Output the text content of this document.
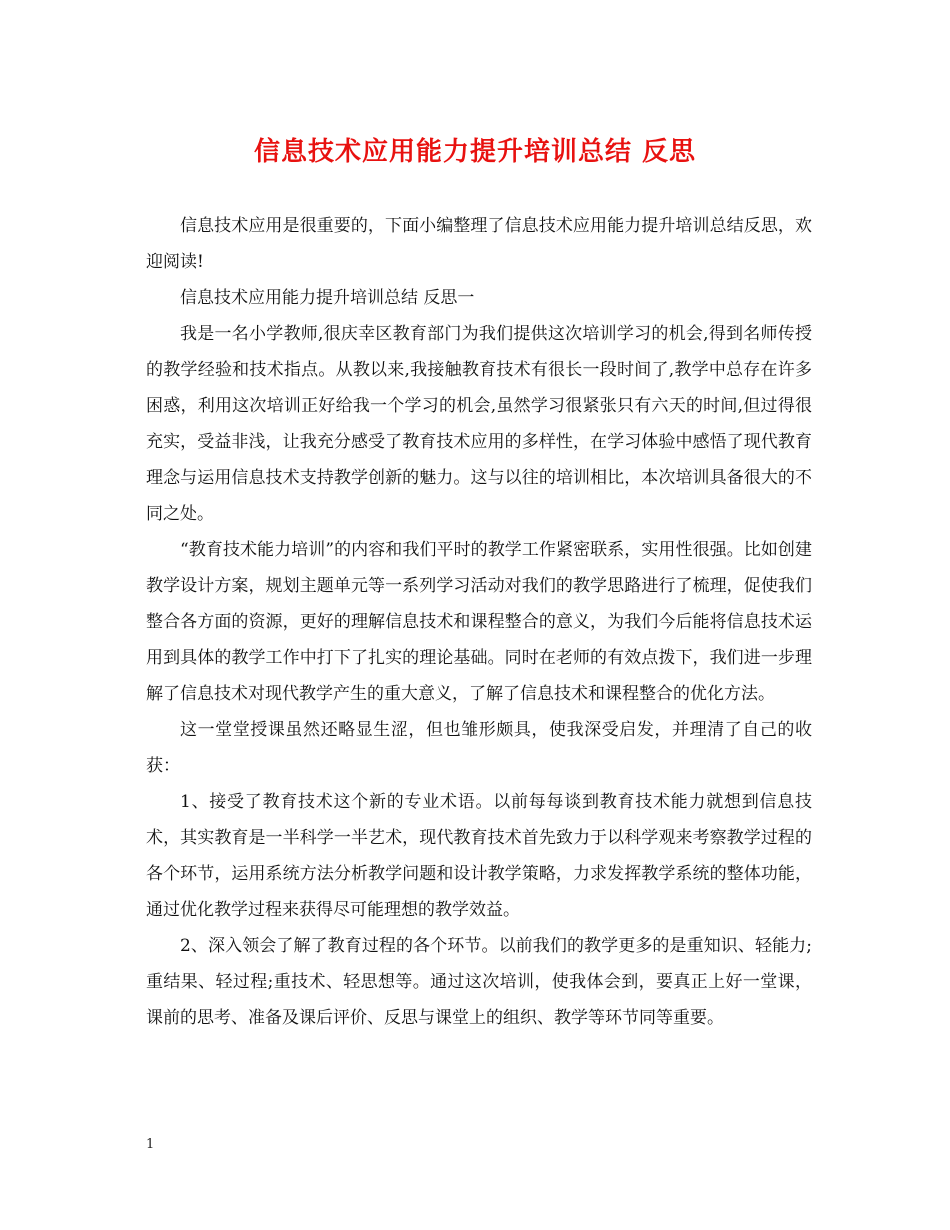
信息技术应用能力提升培训总结 反思

信息技术应用是很重要的，下面小编整理了信息技术应用能力提升培训总结反思，欢迎阅读!

信息技术应用能力提升培训总结 反思一

我是一名小学教师,很庆幸区教育部门为我们提供这次培训学习的机会,得到名师传授的教学经验和技术指点。从教以来,我接触教育技术有很长一段时间了,教学中总存在许多困惑，利用这次培训正好给我一个学习的机会,虽然学习很紧张只有六天的时间,但过得很充实，受益非浅，让我充分感受了教育技术应用的多样性，在学习体验中感悟了现代教育理念与运用信息技术支持教学创新的魅力。这与以往的培训相比，本次培训具备很大的不同之处。

“教育技术能力培训”的内容和我们平时的教学工作紧密联系，实用性很强。比如创建教学设计方案，规划主题单元等一系列学习活动对我们的教学思路进行了梳理，促使我们整合各方面的资源，更好的理解信息技术和课程整合的意义，为我们今后能将信息技术运用到具体的教学工作中打下了扎实的理论基础。同时在老师的有效点拨下，我们进一步理解了信息技术对现代教学产生的重大意义，了解了信息技术和课程整合的优化方法。

这一堂堂授课虽然还略显生涩，但也雏形颇具，使我深受启发，并理清了自己的收获：

1、接受了教育技术这个新的专业术语。以前每每谈到教育技术能力就想到信息技术，其实教育是一半科学一半艺术，现代教育技术首先致力于以科学观来考察教学过程的各个环节，运用系统方法分析教学问题和设计教学策略，力求发挥教学系统的整体功能，通过优化教学过程来获得尽可能理想的教学效益。

2、深入领会了解了教育过程的各个环节。以前我们的教学更多的是重知识、轻能力;重结果、轻过程;重技术、轻思想等。通过这次培训，使我体会到，要真正上好一堂课，课前的思考、准备及课后评价、反思与课堂上的组织、教学等环节同等重要。

1
